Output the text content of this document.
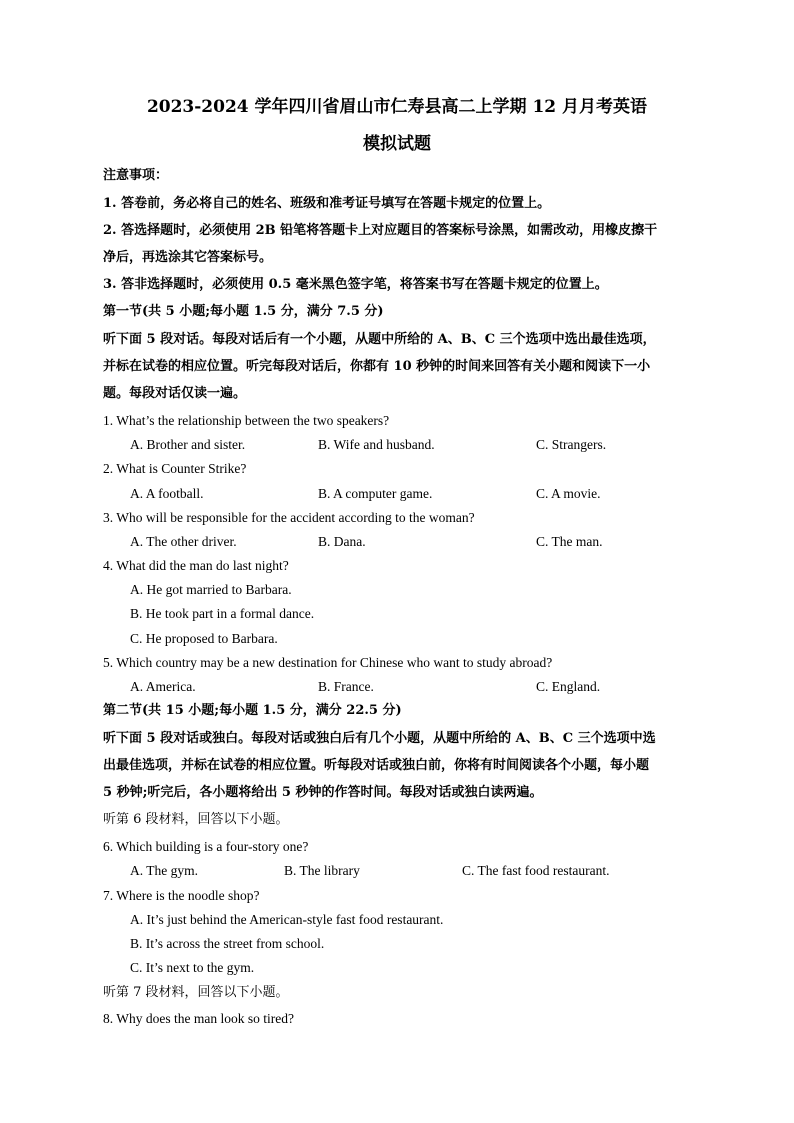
2023-2024 学年四川省眉山市仁寿县高二上学期 12 月月考英语
模拟试题
注意事项：
1. 答卷前，务必将自己的姓名、班级和准考证号填写在答题卡规定的位置上。
2. 答选择题时，必须使用 2B 铅笔将答题卡上对应题目的答案标号涂黑，如需改动，用橡皮擦干
净后，再选涂其它答案标号。
3. 答非选择题时，必须使用 0.5 毫米黑色签字笔，将答案书写在答题卡规定的位置上。
第一节(共 5 小题;每小题 1.5 分，满分 7.5 分)
听下面 5 段对话。每段对话后有一个小题，从题中所给的 A、B、C 三个选项中选出最佳选项，
并标在试卷的相应位置。听完每段对话后，你都有 10 秒钟的时间来回答有关小题和阅读下一小
题。每段对话仅读一遍。
1. What’s the relationship between the two speakers?
A. Brother and sister.	B. Wife and husband.	C. Strangers.
2. What is Counter Strike?
A. A football.	B. A computer game.	C. A movie.
3. Who will be responsible for the accident according to the woman?
A. The other driver.	B. Dana.	C. The man.
4. What did the man do last night?
A. He got married to Barbara.
B. He took part in a formal dance.
C. He proposed to Barbara.
5. Which country may be a new destination for Chinese who want to study abroad?
A. America.	B. France.	C. England.
第二节(共 15 小题;每小题 1.5 分，满分 22.5 分)
听下面 5 段对话或独白。每段对话或独白后有几个小题，从题中所给的 A、B、C 三个选项中选
出最佳选项，并标在试卷的相应位置。听每段对话或独白前，你将有时间阅读各个小题，每小题
5 秒钟;听完后，各小题将给出 5 秒钟的作答时间。每段对话或独白读两遍。
听第 6 段材料，回答以下小题。
6. Which building is a four-story one?
A. The gym.	B. The library	C. The fast food restaurant.
7. Where is the noodle shop?
A. It’s just behind the American-style fast food restaurant.
B. It’s across the street from school.
C. It’s next to the gym.
听第 7 段材料，回答以下小题。
8. Why does the man look so tired?
